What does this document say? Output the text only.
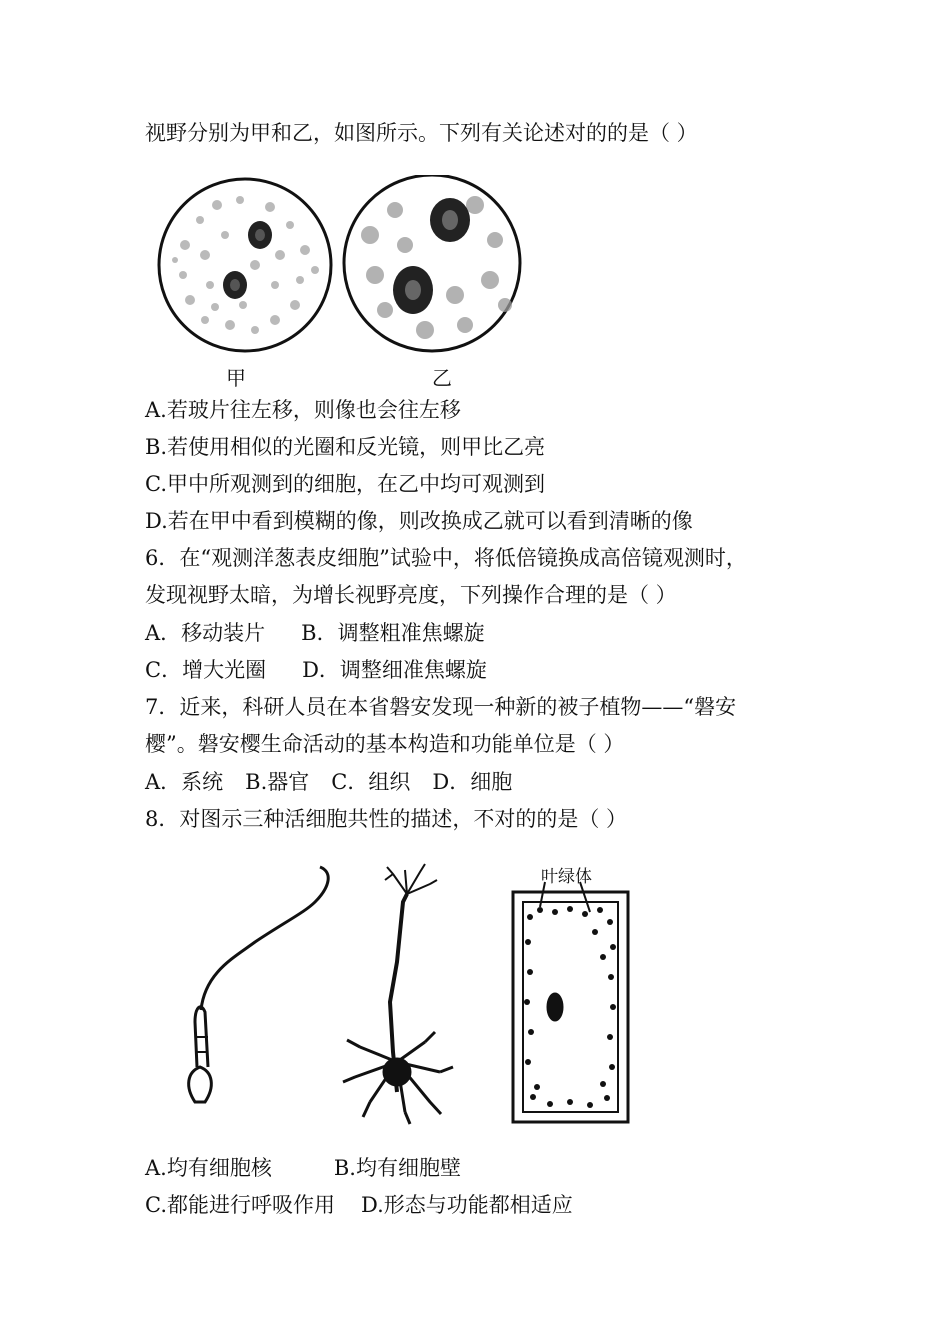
视野分别为甲和乙，如图所示。下列有关论述对的的是（ ）
甲	乙
A.若玻片往左移，则像也会往左移
B.若使用相似的光圈和反光镜，则甲比乙亮
C.甲中所观测到的细胞，在乙中均可观测到
D.若在甲中看到模糊的像，则改换成乙就可以看到清晰的像
6．在“观测洋葱表皮细胞”试验中，将低倍镜换成高倍镜观测时，
发现视野太暗，为增长视野亮度，下列操作合理的是（ ）
A．移动装片 B．调整粗准焦螺旋
C．增大光圈 D．调整细准焦螺旋
7．近来，科研人员在本省磐安发现一种新的被子植物——“磐安
樱”。磐安樱生命活动的基本构造和功能单位是（ ）
A．系统 B.器官 C．组织 D．细胞
8．对图示三种活细胞共性的描述，不对的的是（ ）
叶绿体
A.均有细胞核	B.均有细胞壁
C.都能进行呼吸作用 D.形态与功能都相适应
